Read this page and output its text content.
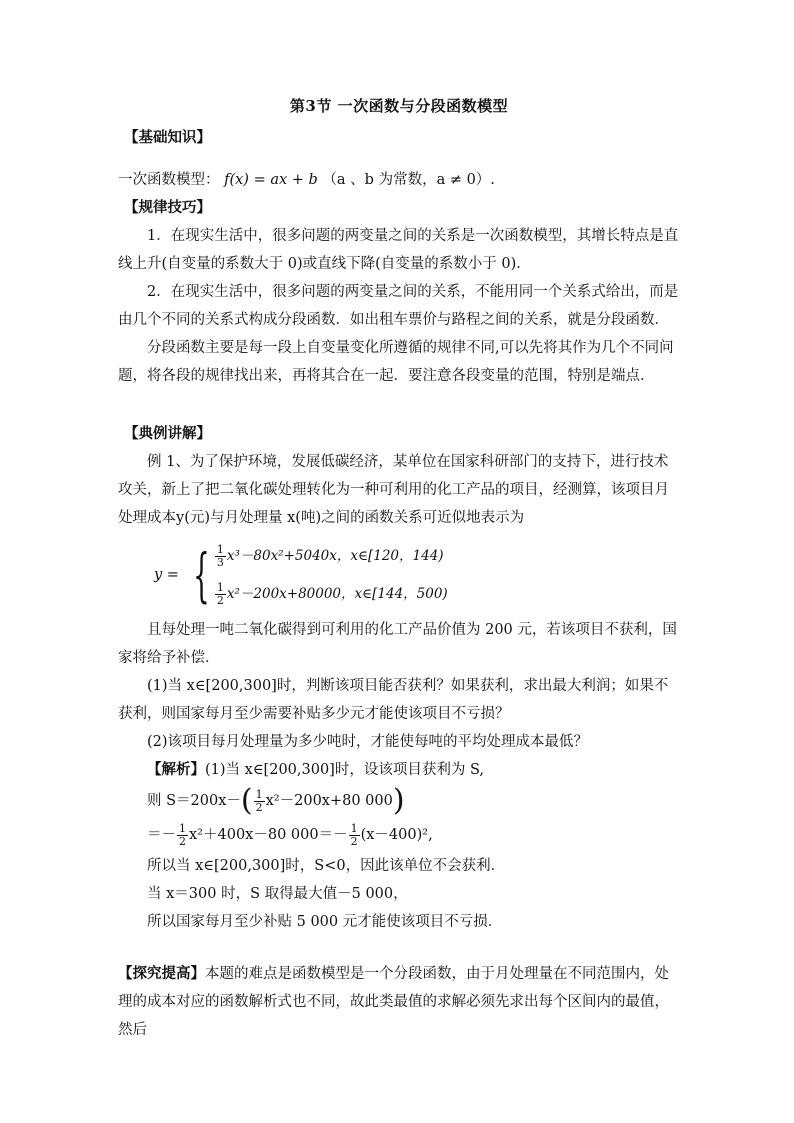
第3节 一次函数与分段函数模型

【基础知识】

一次函数模型： f(x) = ax + b （a 、b 为常数，a ≠ 0）.

【规律技巧】

1．在现实生活中，很多问题的两变量之间的关系是一次函数模型，其增长特点是直线上升(自变量的系数大于 0)或直线下降(自变量的系数小于 0)．

2．在现实生活中，很多问题的两变量之间的关系，不能用同一个关系式给出，而是由几个不同的关系式构成分段函数．如出租车票价与路程之间的关系，就是分段函数．

分段函数主要是每一段上自变量变化所遵循的规律不同,可以先将其作为几个不同问题，将各段的规律找出来，再将其合在一起．要注意各段变量的范围，特别是端点．

【典例讲解】

例 1、为了保护环境，发展低碳经济，某单位在国家科研部门的支持下，进行技术攻关，新上了把二氧化碳处理转化为一种可利用的化工产品的项目，经测算，该项目月处理成本y(元)与月处理量 x(吨)之间的函数关系可近似地表示为

y = { $\frac{1}{3} x^3-80x^2+5040x$，x∈[120，144)
$\frac{1}{2} x^2-200x+80000$，x∈[144，500)

且每处理一吨二氧化碳得到可利用的化工产品价值为 200 元，若该项目不获利，国家将给予补偿．

(1)当 x∈[200,300]时，判断该项目能否获利？如果获利，求出最大利润；如果不获利，则国家每月至少需要补贴多少元才能使该项目不亏损？

(2)该项目每月处理量为多少吨时，才能使每吨的平均处理成本最低？

【解析】(1)当 x∈[200,300]时，设该项目获利为 S,

则 S＝200x－ ( $\frac{1}{2} x^2-200x+80$ 000 )
＝－ $\frac{1}{2} x^2+400x-80$ $000=- \frac{1}{2} (x-400)^2$,

所以当 x∈[200,300]时，S<0，因此该单位不会获利．

当 x＝300 时，S 取得最大值－5 000，

所以国家每月至少补贴 5 000 元才能使该项目不亏损．

【探究提高】本题的难点是函数模型是一个分段函数，由于月处理量在不同范围内，处理的成本对应的函数解析式也不同，故此类最值的求解必须先求出每个区间内的最值，然后
